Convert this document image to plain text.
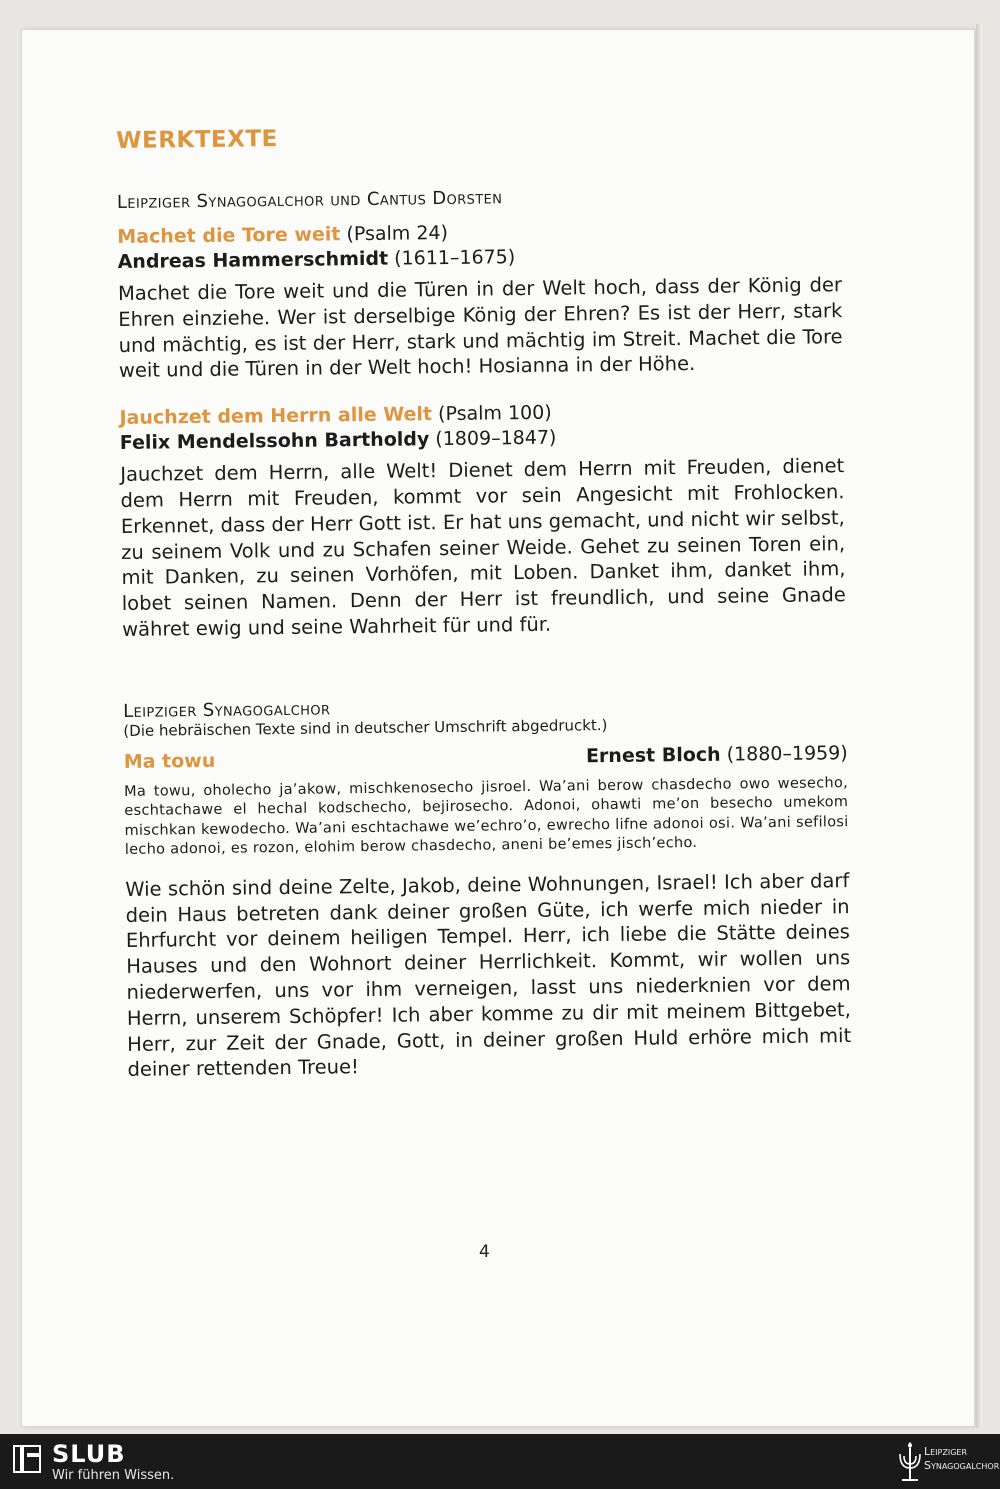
WERKTEXTE

Leipziger Synagogalchor und Cantus Dorsten

Machet die Tore weit (Psalm 24)

Andreas Hammerschmidt (1611–1675)

Machet die Tore weit und die Türen in der Welt hoch, dass der König der Ehren einziehe. Wer ist derselbige König der Ehren? Es ist der Herr, stark und mächtig, es ist der Herr, stark und mächtig im Streit. Machet die Tore weit und die Türen in der Welt hoch! Hosianna in der Höhe.

Jauchzet dem Herrn alle Welt (Psalm 100)

Felix Mendelssohn Bartholdy (1809–1847)

Jauchzet dem Herrn, alle Welt! Dienet dem Herrn mit Freuden, dienet dem Herrn mit Freuden, kommt vor sein Angesicht mit Frohlocken. Erkennet, dass der Herr Gott ist. Er hat uns gemacht, und nicht wir selbst, zu seinem Volk und zu Schafen seiner Weide. Gehet zu seinen Toren ein, mit Danken, zu seinen Vorhöfen, mit Loben. Danket ihm, danket ihm, lobet seinen Namen. Denn der Herr ist freundlich, und seine Gnade währet ewig und seine Wahrheit für und für.

Leipziger Synagogalchor

(Die hebräischen Texte sind in deutscher Umschrift abgedruckt.)

Ma towu	Ernest Bloch (1880–1959)

Ma towu, oholecho ja’akow, mischkenosecho jisroel. Wa’ani berow chasdecho owo wesecho, eschtachawe el hechal kodschecho, bejirosecho. Adonoi, ohawti me’on besecho umekom mischkan kewodecho. Wa’ani eschtachawe we’echro’o, ewrecho lifne adonoi osi. Wa’ani sefilosi lecho adonoi, es rozon, elohim berow chasdecho, aneni be’emes jisch’echo.

Wie schön sind deine Zelte, Jakob, deine Wohnungen, Israel! Ich aber darf dein Haus betreten dank deiner großen Güte, ich werfe mich nieder in Ehrfurcht vor deinem heiligen Tempel. Herr, ich liebe die Stätte deines Hauses und den Wohnort deiner Herrlichkeit. Kommt, wir wollen uns niederwerfen, uns vor ihm verneigen, lasst uns niederknien vor dem Herrn, unserem Schöpfer! Ich aber komme zu dir mit meinem Bittgebet, Herr, zur Zeit der Gnade, Gott, in deiner großen Huld erhöre mich mit deiner rettenden Treue!

4
SLUB
Wir führen Wissen.
Leipziger
Synagogalchor
